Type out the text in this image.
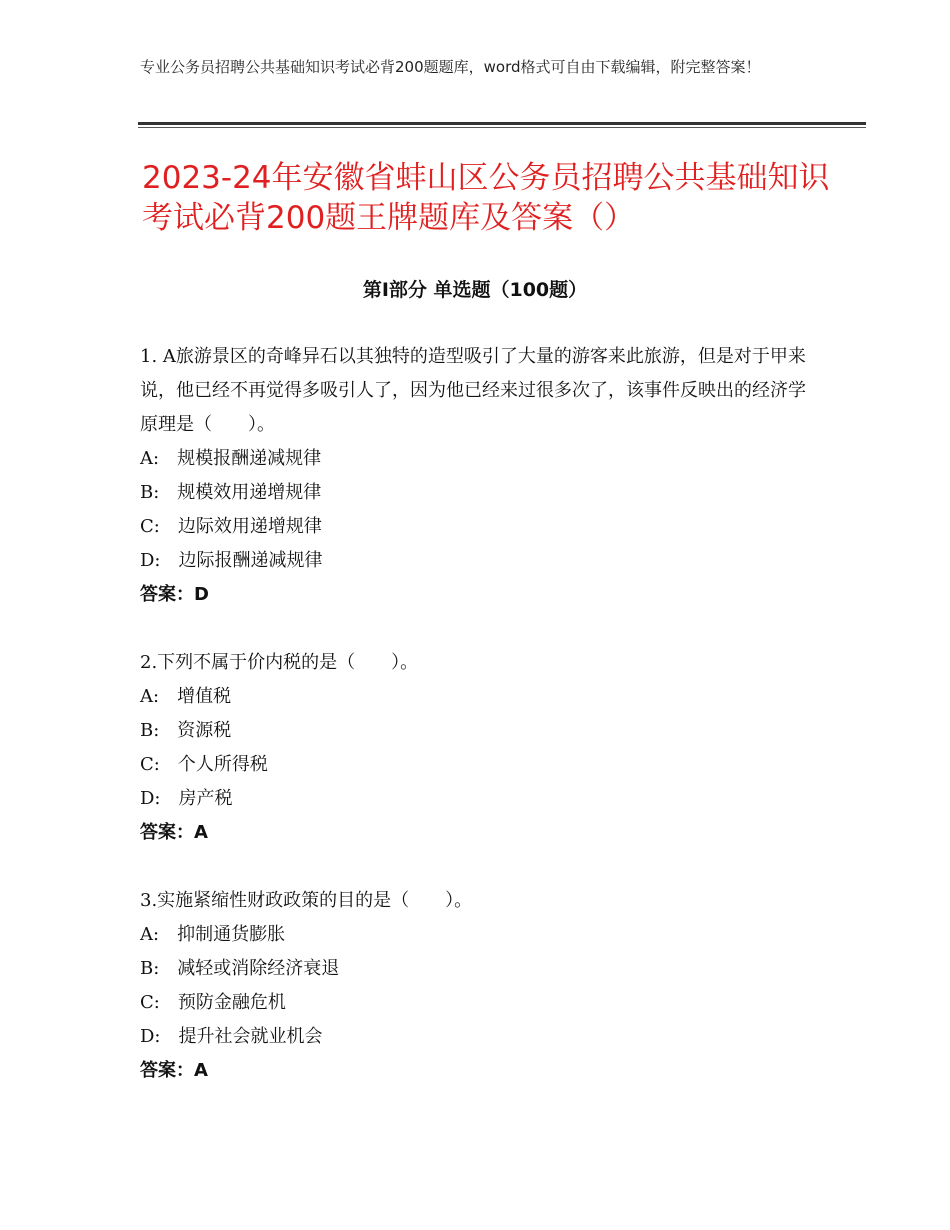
专业公务员招聘公共基础知识考试必背200题题库，word格式可自由下载编辑，附完整答案！
2023-24年安徽省蚌山区公务员招聘公共基础知识考试必背200题王牌题库及答案（）
第Ⅰ部分 单选题（100题）
1. A旅游景区的奇峰异石以其独特的造型吸引了大量的游客来此旅游，但是对于甲来说，他已经不再觉得多吸引人了，因为他已经来过很多次了，该事件反映出的经济学原理是（　　）。
A:　规模报酬递减规律
B:　规模效用递增规律
C:　边际效用递增规律
D:　边际报酬递减规律
答案：D
2.下列不属于价内税的是（　　）。
A:　增值税
B:　资源税
C:　个人所得税
D:　房产税
答案：A
3.实施紧缩性财政政策的目的是（　　）。
A:　抑制通货膨胀
B:　减轻或消除经济衰退
C:　预防金融危机
D:　提升社会就业机会
答案：A
